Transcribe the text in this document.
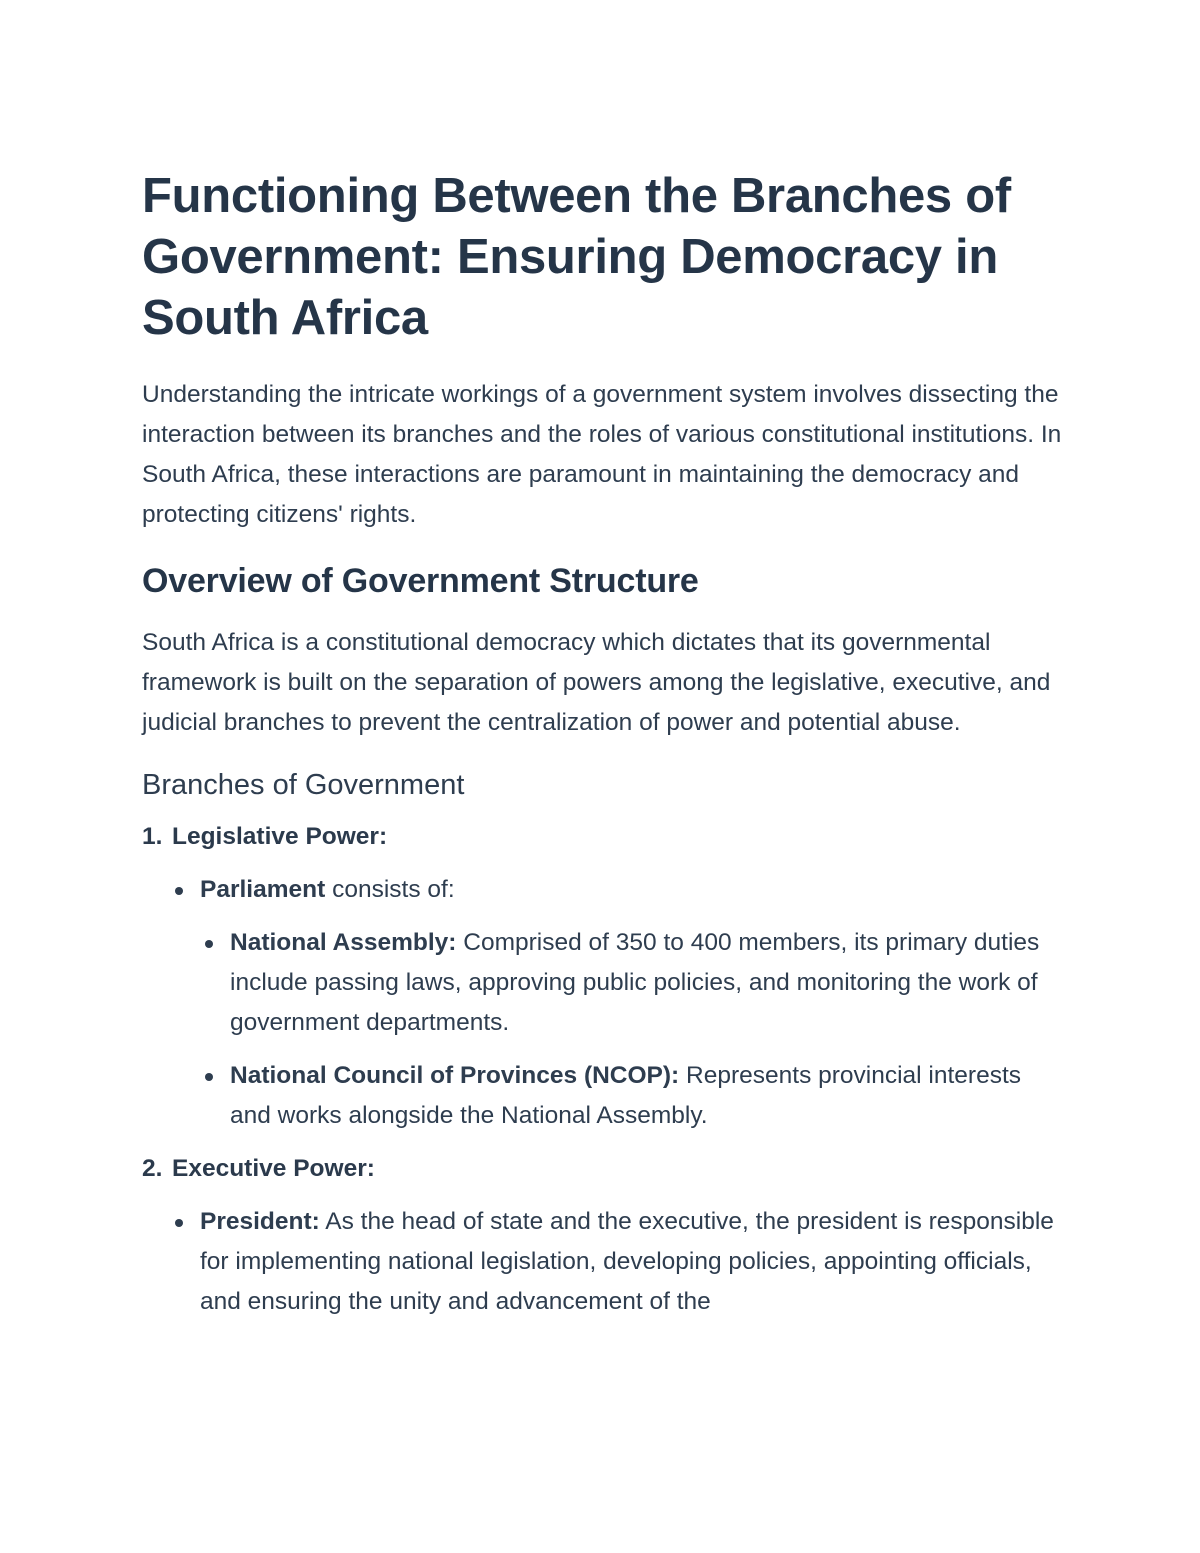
Functioning Between the Branches of Government: Ensuring Democracy in South Africa

Understanding the intricate workings of a government system involves dissecting the interaction between its branches and the roles of various constitutional institutions. In South Africa, these interactions are paramount in maintaining the democracy and protecting citizens' rights.

Overview of Government Structure

South Africa is a constitutional democracy which dictates that its governmental framework is built on the separation of powers among the legislative, executive, and judicial branches to prevent the centralization of power and potential abuse.

Branches of Government
1. Legislative Power:
Parliament consists of:
National Assembly: Comprised of 350 to 400 members, its primary duties include passing laws, approving public policies, and monitoring the work of government departments.
National Council of Provinces (NCOP): Represents provincial interests and works alongside the National Assembly.
2. Executive Power:
President: As the head of state and the executive, the president is responsible for implementing national legislation, developing policies, appointing officials, and ensuring the unity and advancement of the
